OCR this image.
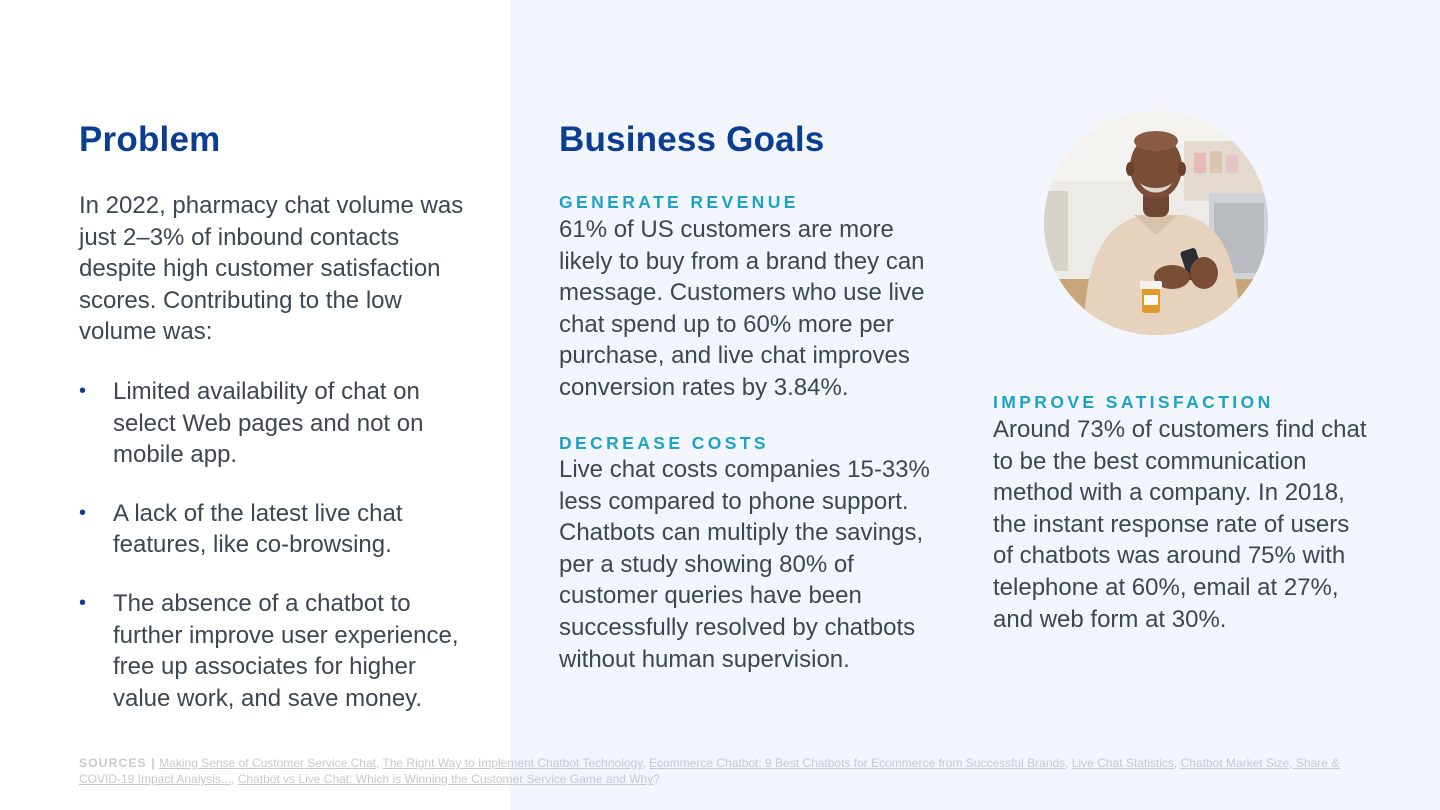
Problem

In 2022, pharmacy chat volume was just 2–3% of inbound contacts despite high customer satisfaction scores. Contributing to the low volume was:

• Limited availability of chat on select Web pages and not on mobile app.
• A lack of the latest live chat features, like co-browsing.
• The absence of a chatbot to further improve user experience, free up associates for higher value work, and save money.
Business Goals
GENERATE REVENUE

61% of US customers are more likely to buy from a brand they can message. Customers who use live chat spend up to 60% more per purchase, and live chat improves conversion rates by 3.84%.

DECREASE COSTS

Live chat costs companies 15-33% less compared to phone support. Chatbots can multiply the savings, per a study showing 80% of customer queries have been successfully resolved by chatbots without human supervision.

IMPROVE SATISFACTION

Around 73% of customers find chat to be the best communication method with a company. In 2018, the instant response rate of users of chatbots was around 75% with telephone at 60%, email at 27%, and web form at 30%.

SOURCES | Making Sense of Customer Service Chat, The Right Way to Implement Chatbot Technology, Ecommerce Chatbot: 9 Best Chatbots for Ecommerce from Successful Brands, Live Chat Statistics, Chatbot Market Size, Share & COVID-19 Impact Analysis..., Chatbot vs Live Chat: Which is Winning the Customer Service Game and Why?
